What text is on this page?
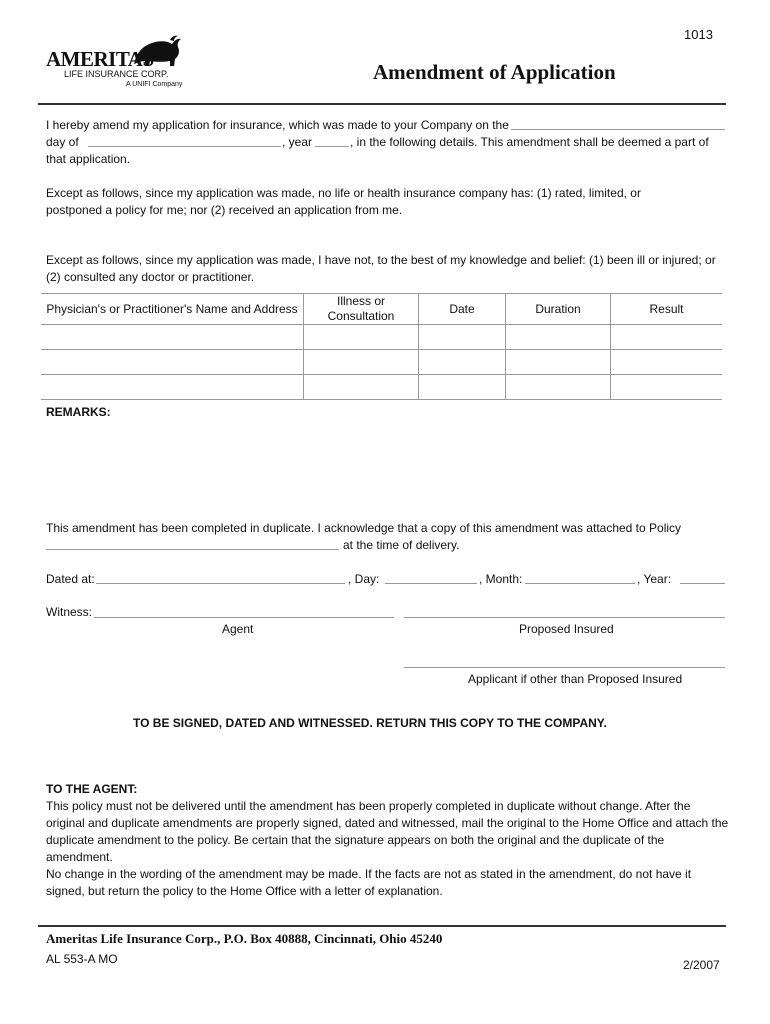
1013
AMERITAS
LIFE INSURANCE CORP.
A UNIFI Company
Amendment of Application
I hereby amend my application for insurance, which was made to your Company on the
day of	, year	, in the following details. This amendment shall be deemed a part of
that application.
Except as follows, since my application was made, no life or health insurance company has: (1) rated, limited, or
postponed a policy for me; nor (2) received an application from me.
Except as follows, since my application was made, I have not, to the best of my knowledge and belief: (1) been ill or injured; or
(2) consulted any doctor or practitioner.
Physician's or Practitioner's Name and Address	Illness or
Consultation	Date	Duration	Result

REMARKS:
This amendment has been completed in duplicate. I acknowledge that a copy of this amendment was attached to Policy
at the time of delivery.
Dated at:	, Day:	, Month:	, Year:
Witness:
Agent	Proposed Insured
Applicant if other than Proposed Insured
TO BE SIGNED, DATED AND WITNESSED. RETURN THIS COPY TO THE COMPANY.
TO THE AGENT:
This policy must not be delivered until the amendment has been properly completed in duplicate without change. After the
original and duplicate amendments are properly signed, dated and witnessed, mail the original to the Home Office and attach the
duplicate amendment to the policy. Be certain that the signature appears on both the original and the duplicate of the
amendment.
No change in the wording of the amendment may be made. If the facts are not as stated in the amendment, do not have it
signed, but return the policy to the Home Office with a letter of explanation.
Ameritas Life Insurance Corp., P.O. Box 40888, Cincinnati, Ohio 45240
AL 553-A MO	2/2007
